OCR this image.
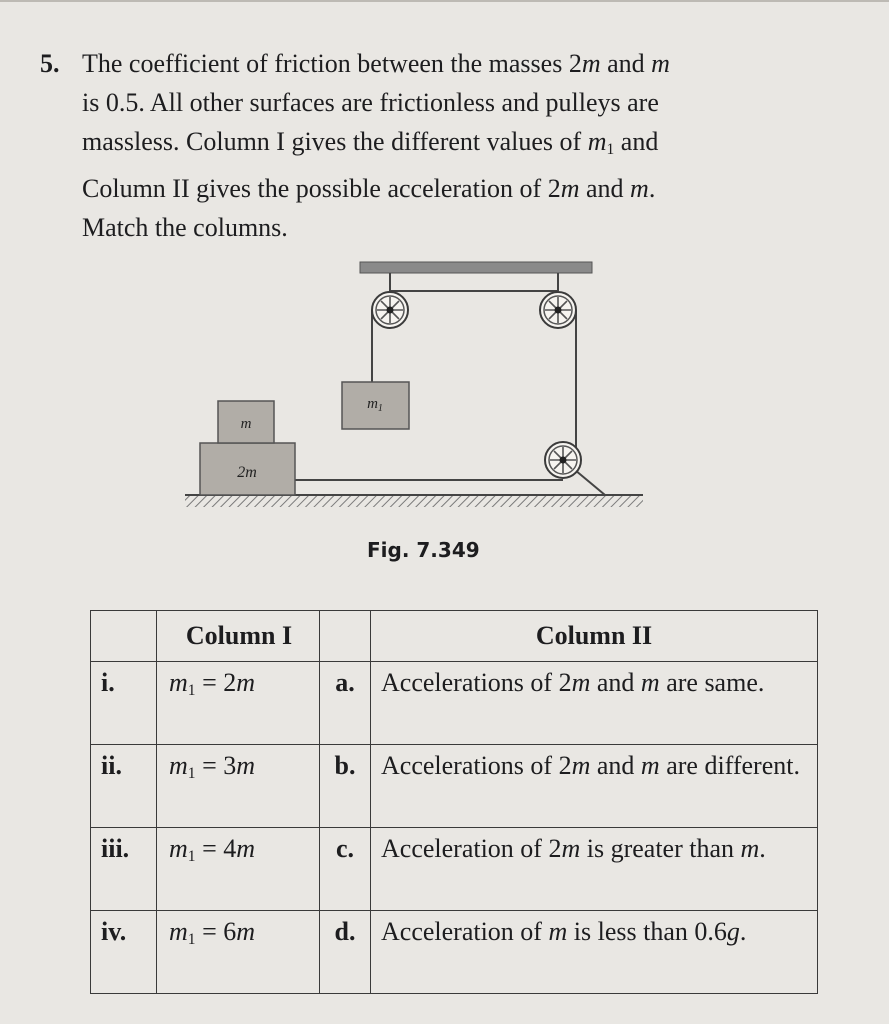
5. The coefficient of friction between the masses 2m and m

is 0.5. All other surfaces are frictionless and pulleys are

massless. Column I gives the different values of $m_1$ and

Column II gives the possible acceleration of 2m and m.

Match the columns.

2m
m
$m_1$
Fig. 7.349
	Column I		Column II
i.	$m_1 = 2m$	a.	Accelerations of 2m and m are same.
ii.	$m_1 = 3m$	b.	Accelerations of 2m and m are different.
iii.	$m_1 = 4m$	c.	Acceleration of 2m is greater than m.
iv.	$m_1 = 6m$	d.	Acceleration of m is less than 0.6g.
